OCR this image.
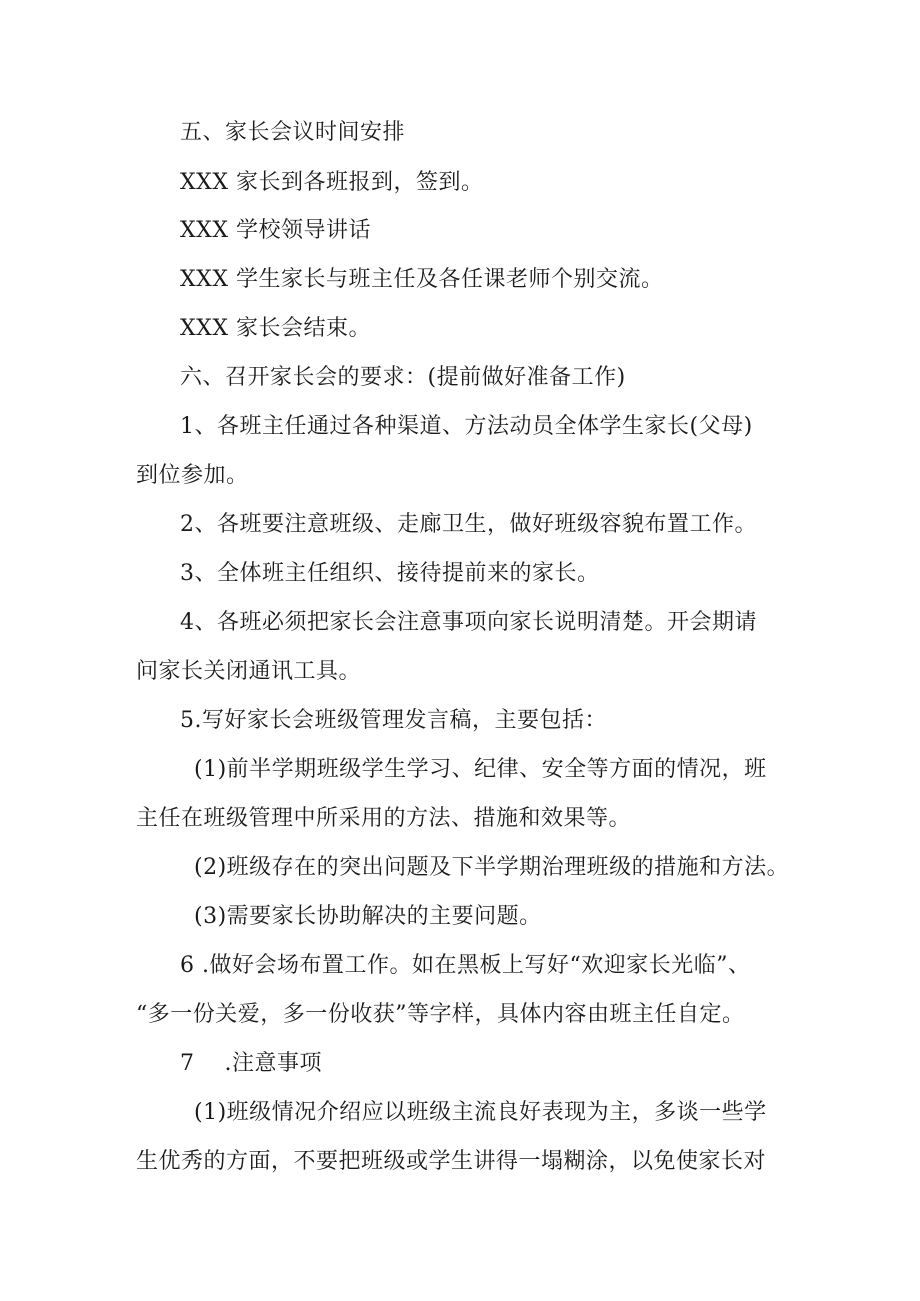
五、家长会议时间安排
XXX 家长到各班报到，签到。
XXX 学校领导讲话
XXX 学生家长与班主任及各任课老师个别交流。
XXX 家长会结束。
六、召开家长会的要求：(提前做好准备工作)
1、各班主任通过各种渠道、方法动员全体学生家长(父母)
到位参加。
2、各班要注意班级、走廊卫生，做好班级容貌布置工作。
3、全体班主任组织、接待提前来的家长。
4、各班必须把家长会注意事项向家长说明清楚。开会期请
问家长关闭通讯工具。
5.写好家长会班级管理发言稿，主要包括：
(1)前半学期班级学生学习、纪律、安全等方面的情况，班
主任在班级管理中所采用的方法、措施和效果等。
(2)班级存在的突出问题及下半学期治理班级的措施和方法。
(3)需要家长协助解决的主要问题。
6 .做好会场布置工作。如在黑板上写好“欢迎家长光临”、
“多一份关爱，多一份收获”等字样，具体内容由班主任自定。
7    .注意事项
(1)班级情况介绍应以班级主流良好表现为主，多谈一些学
生优秀的方面，不要把班级或学生讲得一塌糊涂，以免使家长对
